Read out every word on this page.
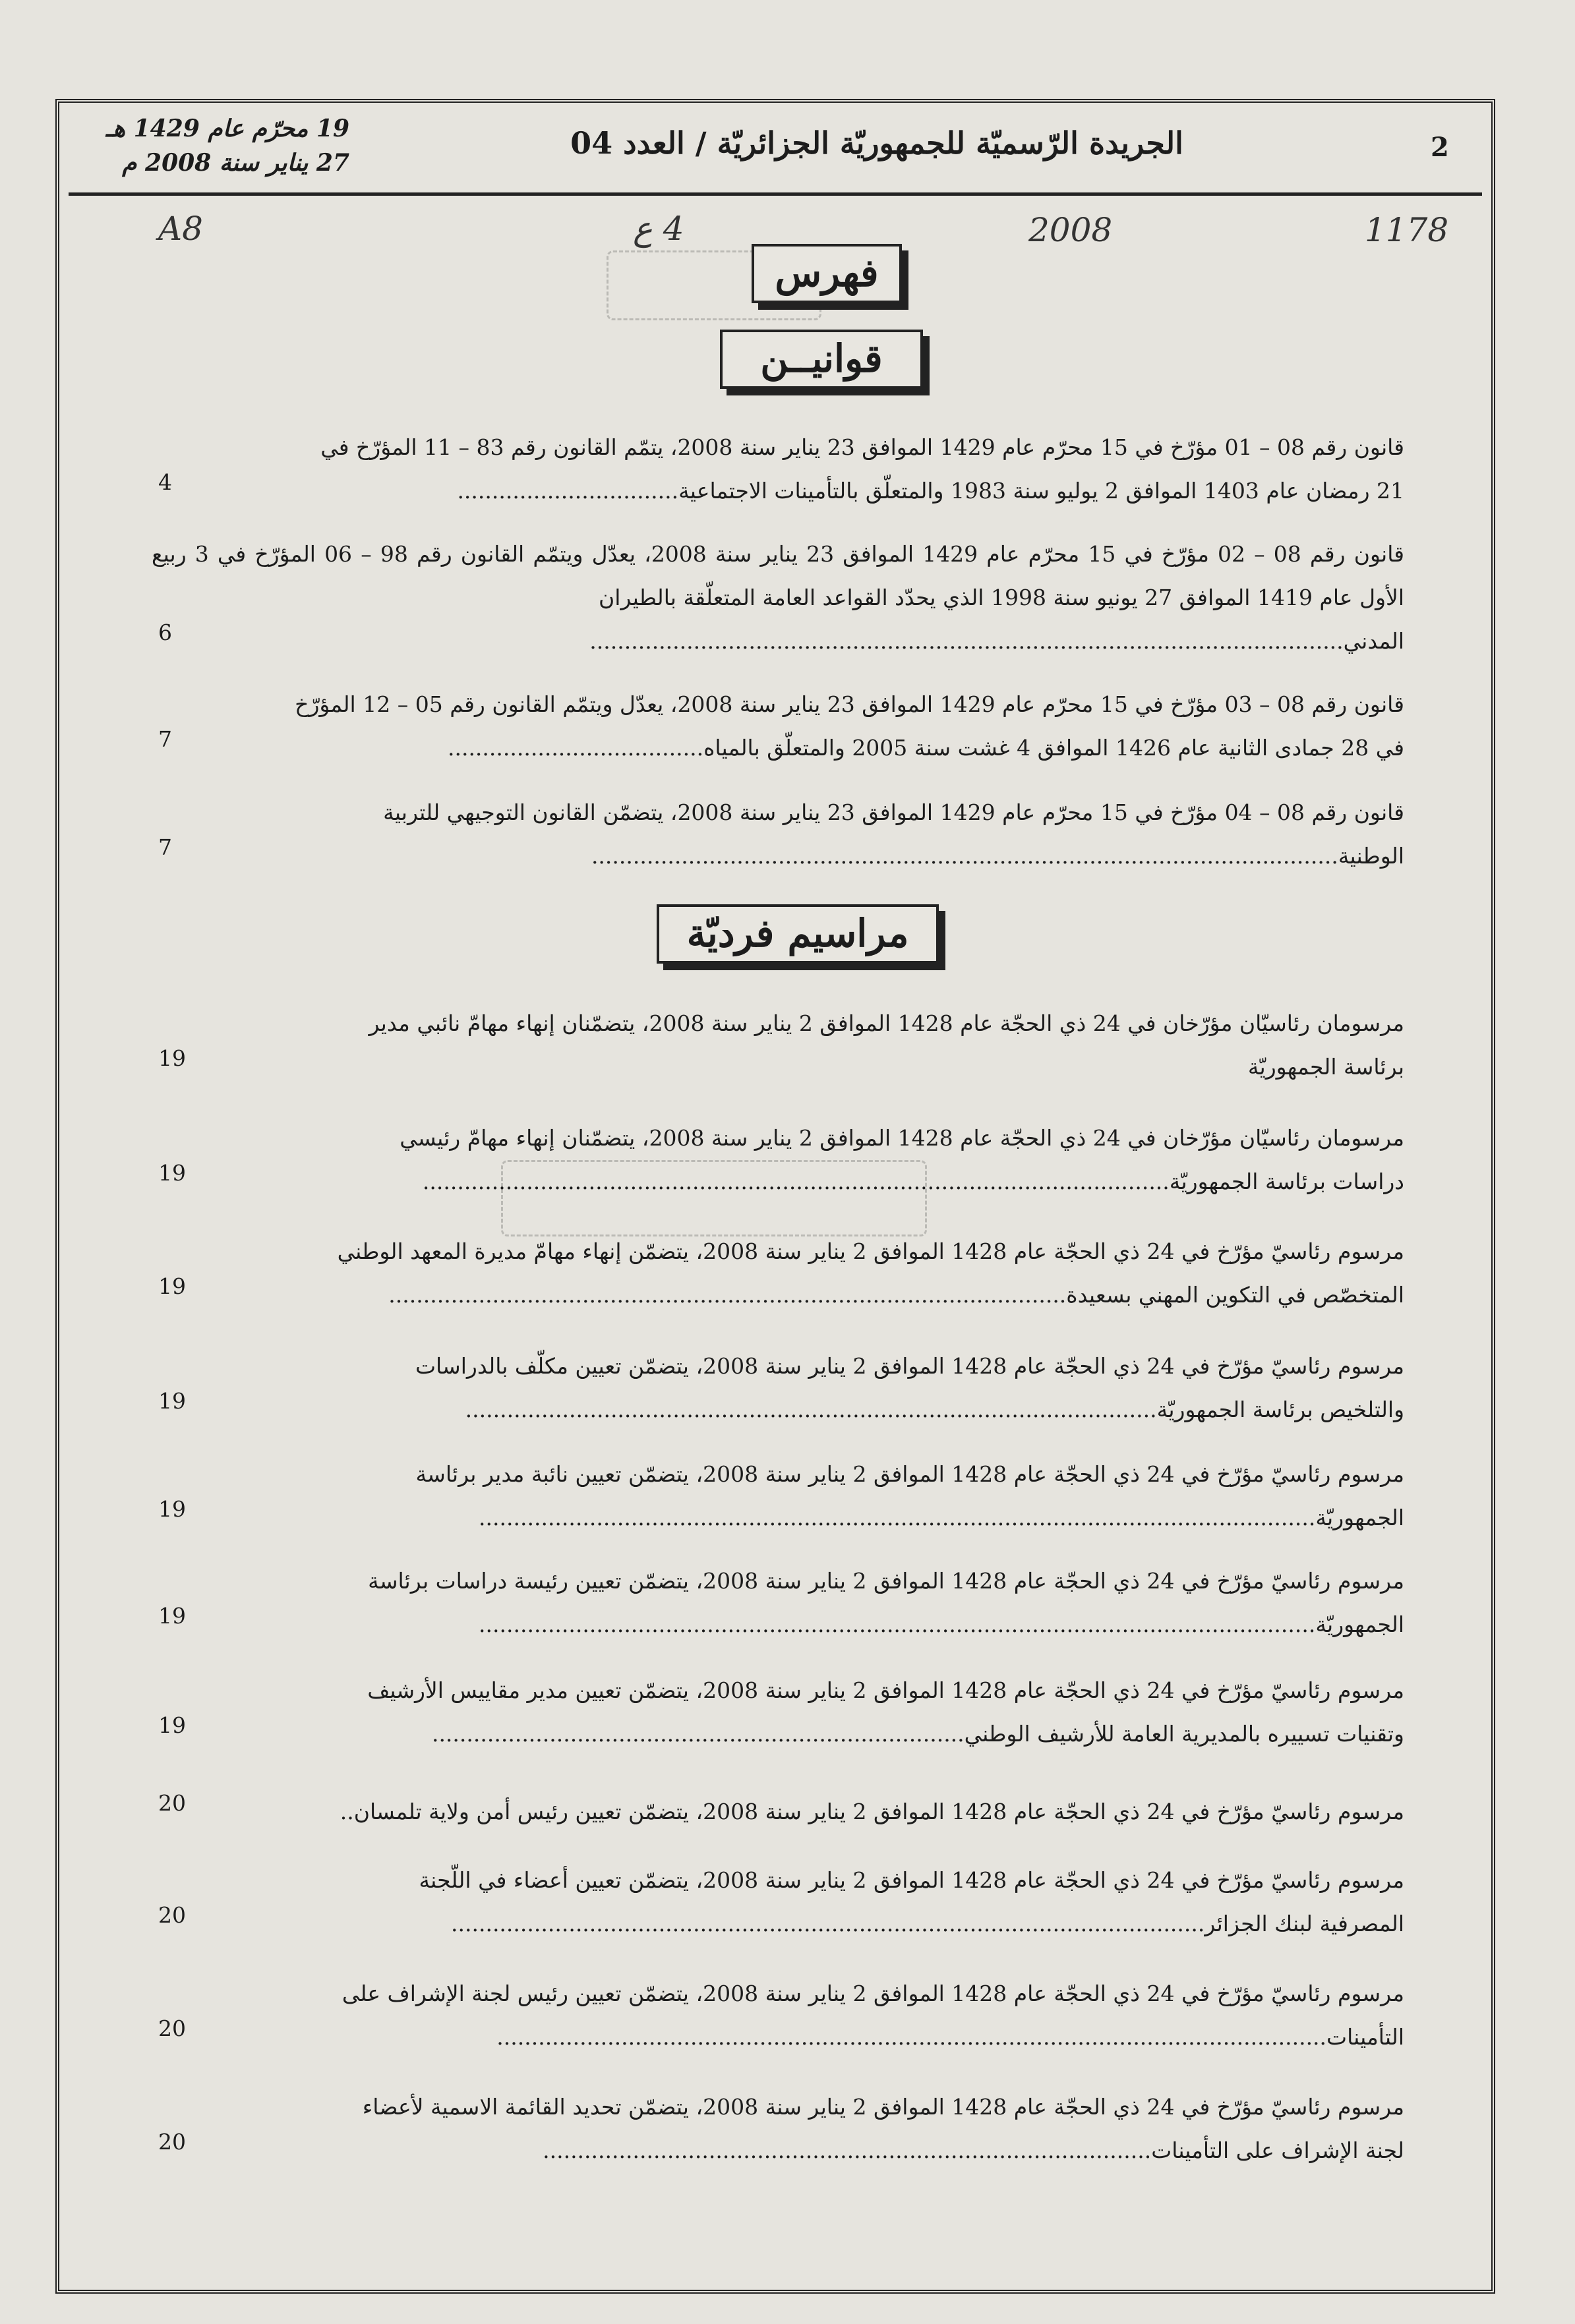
2
الجريدة الرّسميّة للجمهوريّة الجزائريّة / العدد 04
19 محرّم عام 1429 هـ
27 يناير سنة 2008 م
A8	4 ع	2008	1178
فهرس
قوانيــن
قانون رقم 08 – 01 مؤرّخ في 15 محرّم عام 1429 الموافق 23 يناير سنة 2008، يتمّم القانون رقم 83 – 11 المؤرّخ في
21 رمضان عام 1403 الموافق 2 يوليو سنة 1983 والمتعلّق بالتأمينات الاجتماعية................................
4
قانون رقم 08 – 02 مؤرّخ في 15 محرّم عام 1429 الموافق 23 يناير سنة 2008، يعدّل ويتمّم القانون رقم 98 – 06 المؤرّخ في 3 ربيع الأول عام 1419 الموافق 27 يونيو سنة 1998 الذي يحدّد القواعد العامة المتعلّقة بالطيران
المدني.............................................................................................................
6
قانون رقم 08 – 03 مؤرّخ في 15 محرّم عام 1429 الموافق 23 يناير سنة 2008، يعدّل ويتمّم القانون رقم 05 – 12 المؤرّخ
في 28 جمادى الثانية عام 1426 الموافق 4 غشت سنة 2005 والمتعلّق بالمياه.....................................
7
قانون رقم 08 – 04 مؤرّخ في 15 محرّم عام 1429 الموافق 23 يناير سنة 2008، يتضمّن القانون التوجيهي للتربية
الوطنية............................................................................................................
7
مراسيم فرديّة
مرسومان رئاسيّان مؤرّخان في 24 ذي الحجّة عام 1428 الموافق 2 يناير سنة 2008، يتضمّنان إنهاء مهامّ نائبي مدير
برئاسة الجمهوريّة
19
مرسومان رئاسيّان مؤرّخان في 24 ذي الحجّة عام 1428 الموافق 2 يناير سنة 2008، يتضمّنان إنهاء مهامّ رئيسي
دراسات برئاسة الجمهوريّة............................................................................................................
19
مرسوم رئاسيّ مؤرّخ في 24 ذي الحجّة عام 1428 الموافق 2 يناير سنة 2008، يتضمّن إنهاء مهامّ مديرة المعهد الوطني
المتخصّص في التكوين المهني بسعيدة..................................................................................................
19
مرسوم رئاسيّ مؤرّخ في 24 ذي الحجّة عام 1428 الموافق 2 يناير سنة 2008، يتضمّن تعيين مكلّف بالدراسات
والتلخيص برئاسة الجمهوريّة....................................................................................................
19
مرسوم رئاسيّ مؤرّخ في 24 ذي الحجّة عام 1428 الموافق 2 يناير سنة 2008، يتضمّن تعيين نائبة مدير برئاسة
الجمهوريّة.........................................................................................................................
19
مرسوم رئاسيّ مؤرّخ في 24 ذي الحجّة عام 1428 الموافق 2 يناير سنة 2008، يتضمّن تعيين رئيسة دراسات برئاسة
الجمهوريّة.........................................................................................................................
19
مرسوم رئاسيّ مؤرّخ في 24 ذي الحجّة عام 1428 الموافق 2 يناير سنة 2008، يتضمّن تعيين مدير مقاييس الأرشيف
وتقنيات تسييره بالمديرية العامة للأرشيف الوطني.............................................................................
19
مرسوم رئاسيّ مؤرّخ في 24 ذي الحجّة عام 1428 الموافق 2 يناير سنة 2008، يتضمّن تعيين رئيس أمن ولاية تلمسان..
20
مرسوم رئاسيّ مؤرّخ في 24 ذي الحجّة عام 1428 الموافق 2 يناير سنة 2008، يتضمّن تعيين أعضاء في اللّجنة
المصرفية لبنك الجزائر.............................................................................................................
20
مرسوم رئاسيّ مؤرّخ في 24 ذي الحجّة عام 1428 الموافق 2 يناير سنة 2008، يتضمّن تعيين رئيس لجنة الإشراف على
التأمينات........................................................................................................................
20
مرسوم رئاسيّ مؤرّخ في 24 ذي الحجّة عام 1428 الموافق 2 يناير سنة 2008، يتضمّن تحديد القائمة الاسمية لأعضاء
لجنة الإشراف على التأمينات........................................................................................
20
